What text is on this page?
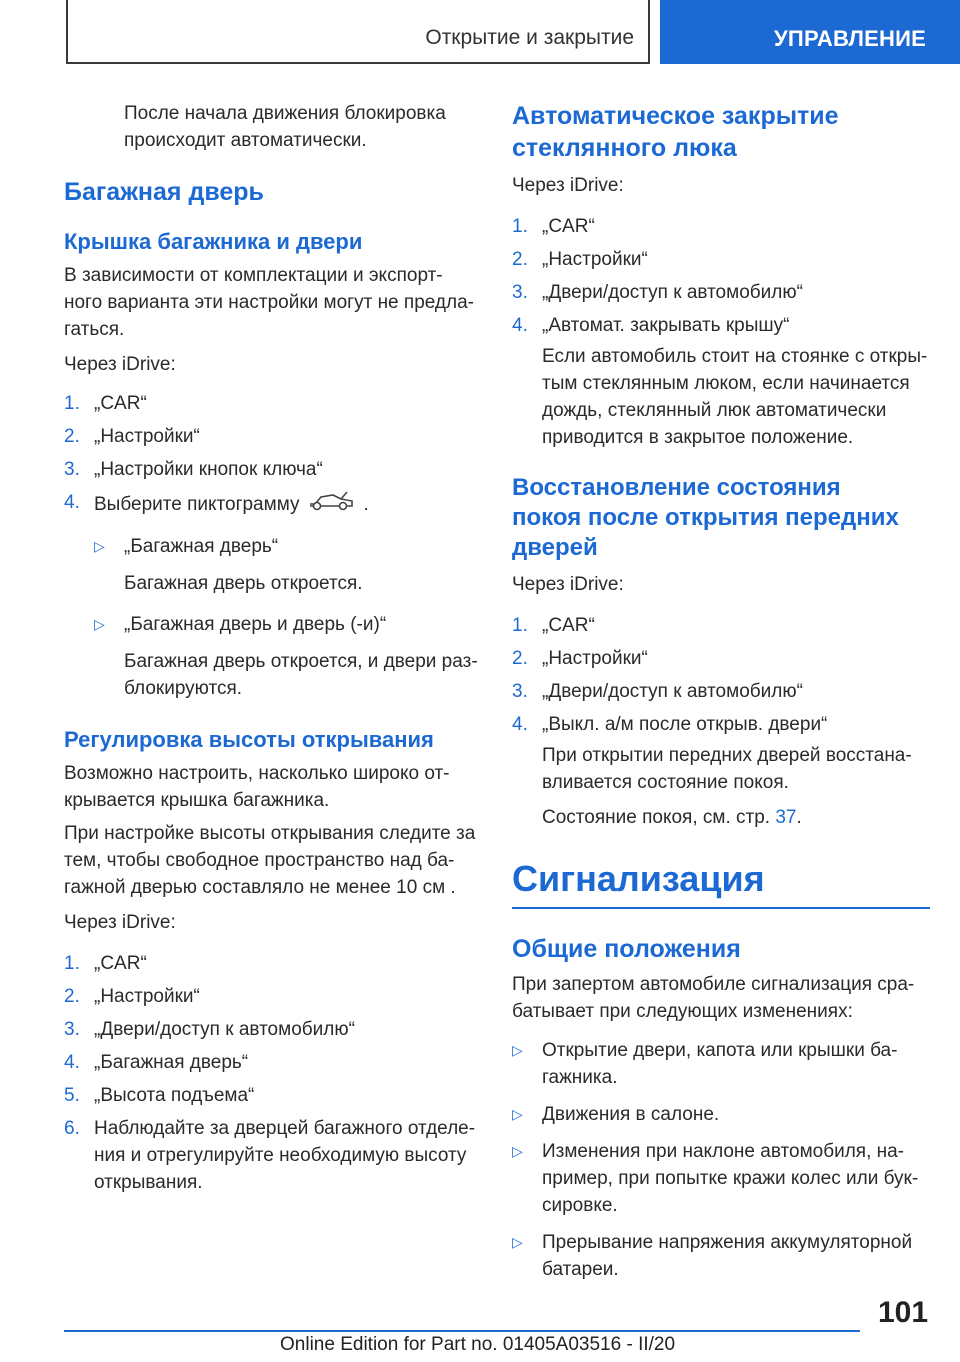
Открытие и закрытие	УПРАВЛЕНИЕ

После начала движения блокировка

происходит автоматически.

Багажная дверь
Крышка багажника и двери

В зависимости от комплектации и экспорт-

ного варианта эти настройки могут не предла-

гаться.

Через iDrive:

1. „CAR“
2. „Настройки“
3. „Настройки кнопок ключа“
4. Выберите пиктограмму	.
▷ „Багажная дверь“

Багажная дверь откроется.

▷ „Багажная дверь и дверь (-и)“

Багажная дверь откроется, и двери раз-

блокируются.

Регулировка высоты открывания

Возможно настроить, насколько широко от-

крывается крышка багажника.

При настройке высоты открывания следите за

тем, чтобы свободное пространство над ба-

гажной дверью составляло не менее 10 см .

Через iDrive:

1. „CAR“
2. „Настройки“
3. „Двери/доступ к автомобилю“
4. „Багажная дверь“
5. „Высота подъема“
6. Наблюдайте за дверцей багажного отделе-

ния и отрегулируйте необходимую высоту

открывания.

Автоматическое закрытие
стеклянного люка

Через iDrive:

1. „CAR“
2. „Настройки“
3. „Двери/доступ к автомобилю“
4. „Автомат. закрывать крышу“

Если автомобиль стоит на стоянке с откры-

тым стеклянным люком, если начинается

дождь, стеклянный люк автоматически

приводится в закрытое положение.

Восстановление состояния
покоя после открытия передних
дверей

Через iDrive:

1. „CAR“
2. „Настройки“
3. „Двери/доступ к автомобилю“
4. „Выкл. а/м после открыв. двери“

При открытии передних дверей восстана-

вливается состояние покоя.

Состояние покоя, см. стр. 37.

Сигнализация
Общие положения

При запертом автомобиле сигнализация сра-

батывает при следующих изменениях:

▷ Открытие двери, капота или крышки ба-
гажника.
▷ Движения в салоне.
▷ Изменения при наклоне автомобиля, на-
пример, при попытке кражи колес или бук-
сировке.
▷ Прерывание напряжения аккумуляторной
батареи.
101
Online Edition for Part no. 01405A03516 - II/20
